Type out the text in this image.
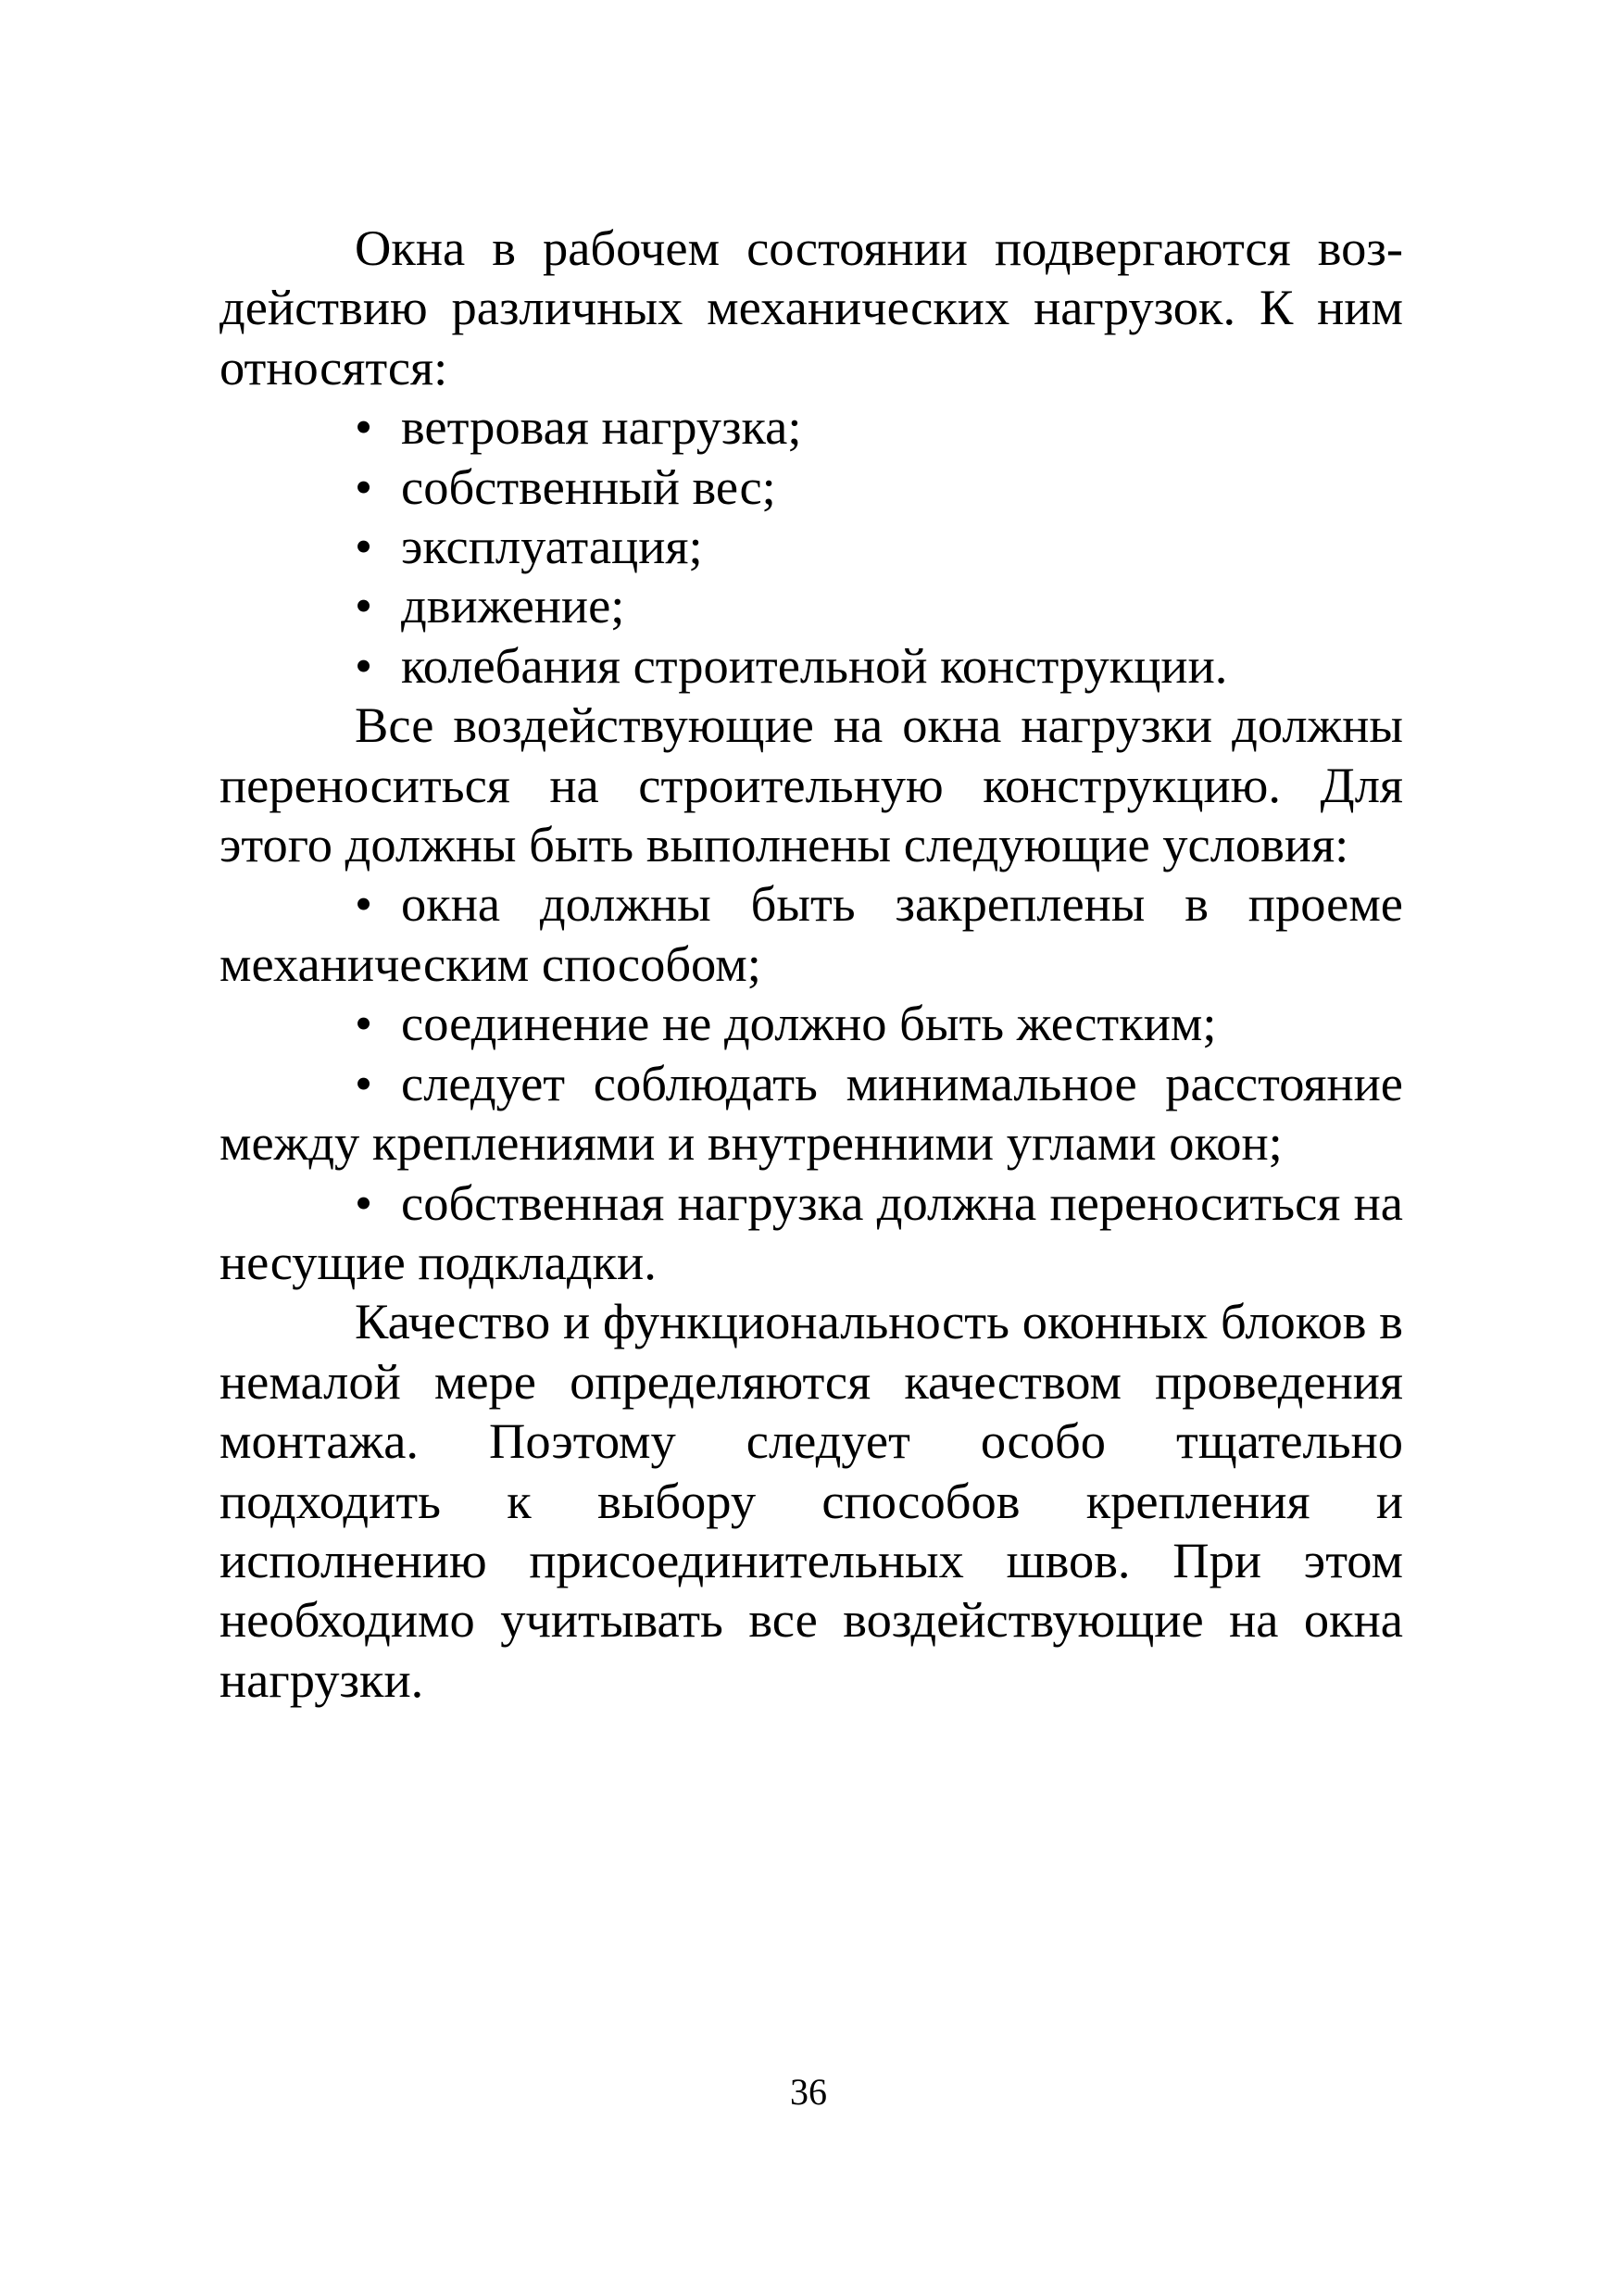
Окна в рабочем состоянии подвергаются воздействию различных механических нагрузок. К ним относятся:

•ветровая нагрузка;
•собственный вес;
•эксплуатация;
•движение;
•колебания строительной конструкции.

Все воздействующие на окна нагрузки должны переноситься на строительную конструкцию. Для этого должны быть выполнены следующие условия:

•окна должны быть закреплены в проеме механическим способом;

•соединение не должно быть жестким;

•следует соблюдать минимальное расстояние между креплениями и внутренними углами окон;

•собственная нагрузка должна переноситься на несущие подкладки.

Качество и функциональность оконных блоков в немалой мере определяются качеством проведения монтажа. Поэтому следует особо тщательно подходить к выбору способов крепления и исполнению присоединительных швов. При этом необходимо учитывать все воздействующие на окна нагрузки.

36
